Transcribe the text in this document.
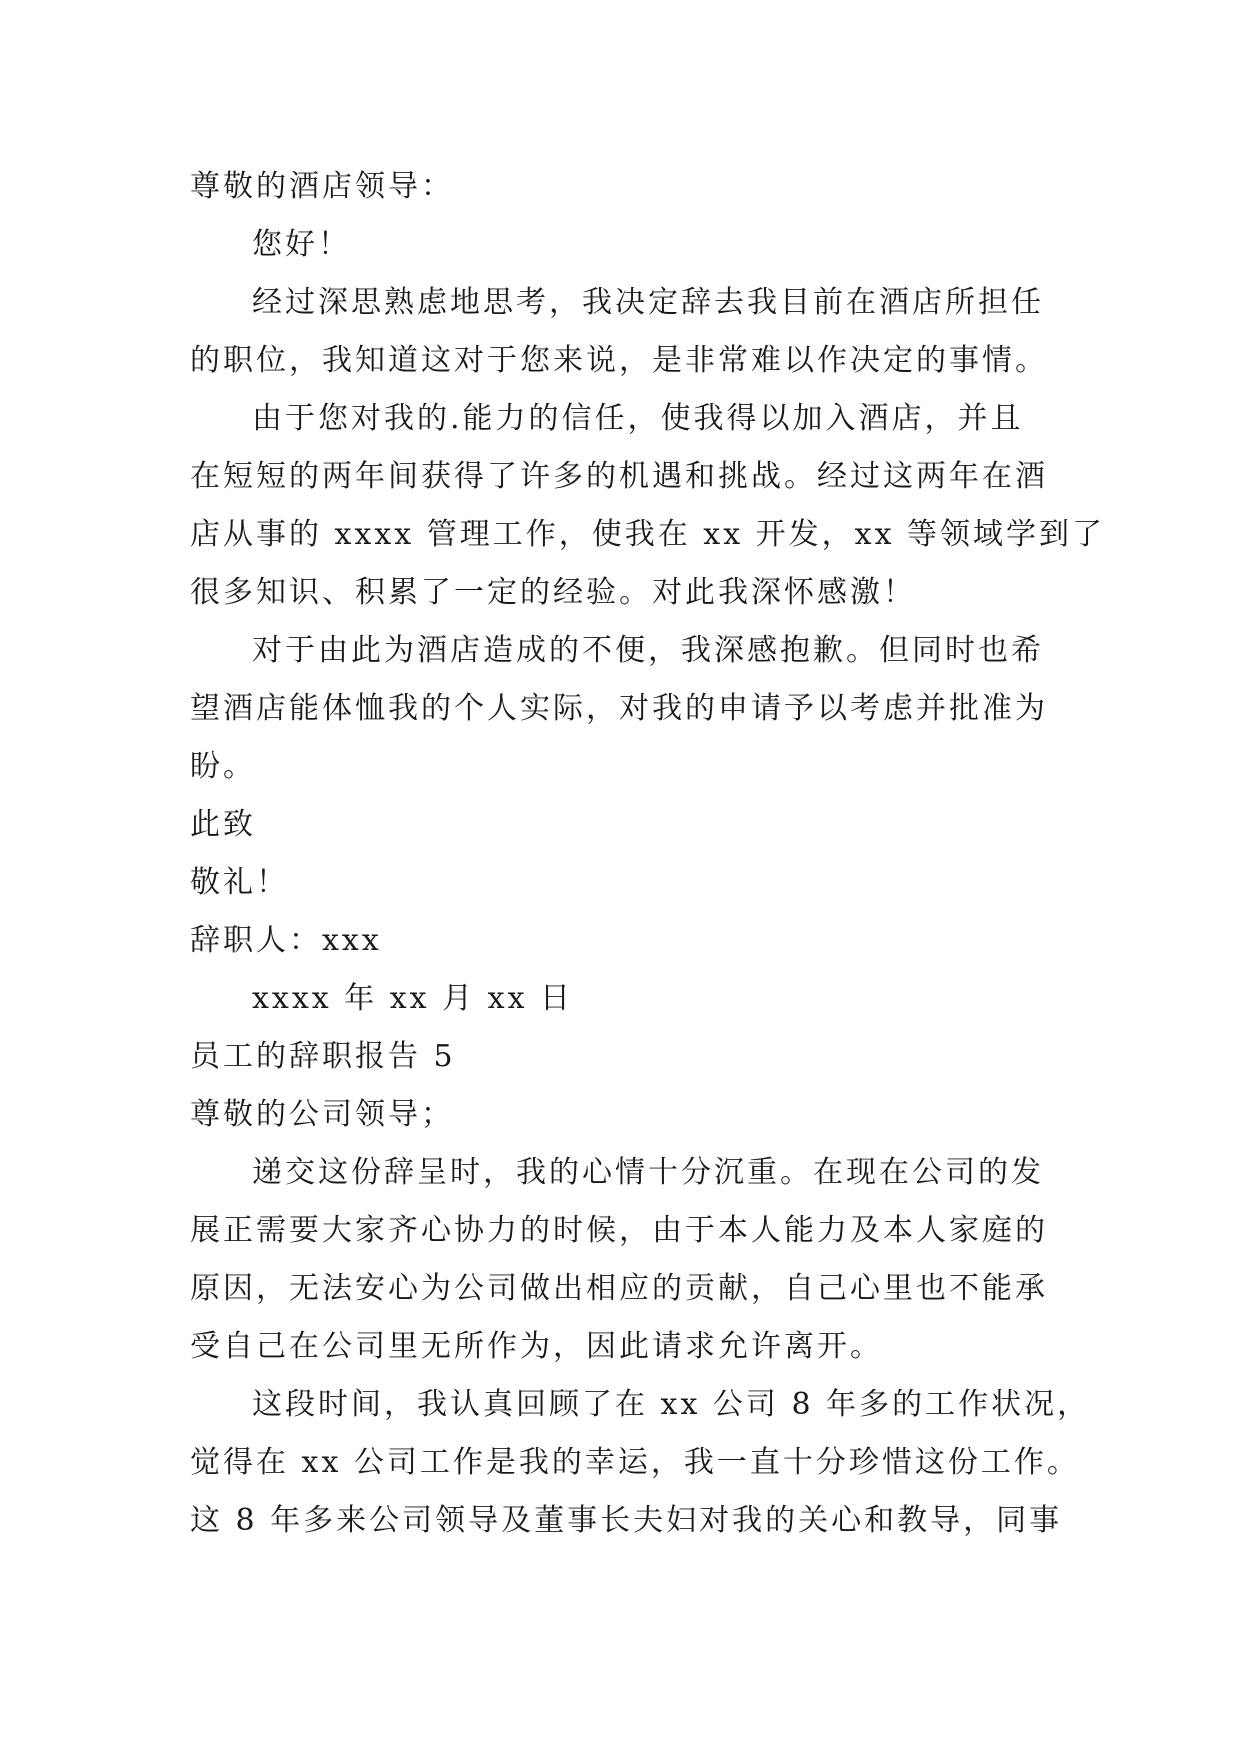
尊敬的酒店领导：
您好！
经过深思熟虑地思考，我决定辞去我目前在酒店所担任
的职位，我知道这对于您来说，是非常难以作决定的事情。
由于您对我的.能力的信任，使我得以加入酒店，并且
在短短的两年间获得了许多的机遇和挑战。经过这两年在酒
店从事的 xxxx 管理工作，使我在 xx 开发，xx 等领域学到了
很多知识、积累了一定的经验。对此我深怀感激！
对于由此为酒店造成的不便，我深感抱歉。但同时也希
望酒店能体恤我的个人实际，对我的申请予以考虑并批准为
盼。
此致
敬礼！
辞职人：xxx
xxxx 年 xx 月 xx 日
员工的辞职报告 5
尊敬的公司领导；
递交这份辞呈时，我的心情十分沉重。在现在公司的发
展正需要大家齐心协力的时候，由于本人能力及本人家庭的
原因，无法安心为公司做出相应的贡献，自己心里也不能承
受自己在公司里无所作为，因此请求允许离开。
这段时间，我认真回顾了在 xx 公司 8 年多的工作状况，
觉得在 xx 公司工作是我的幸运，我一直十分珍惜这份工作。
这 8 年多来公司领导及董事长夫妇对我的关心和教导，同事
